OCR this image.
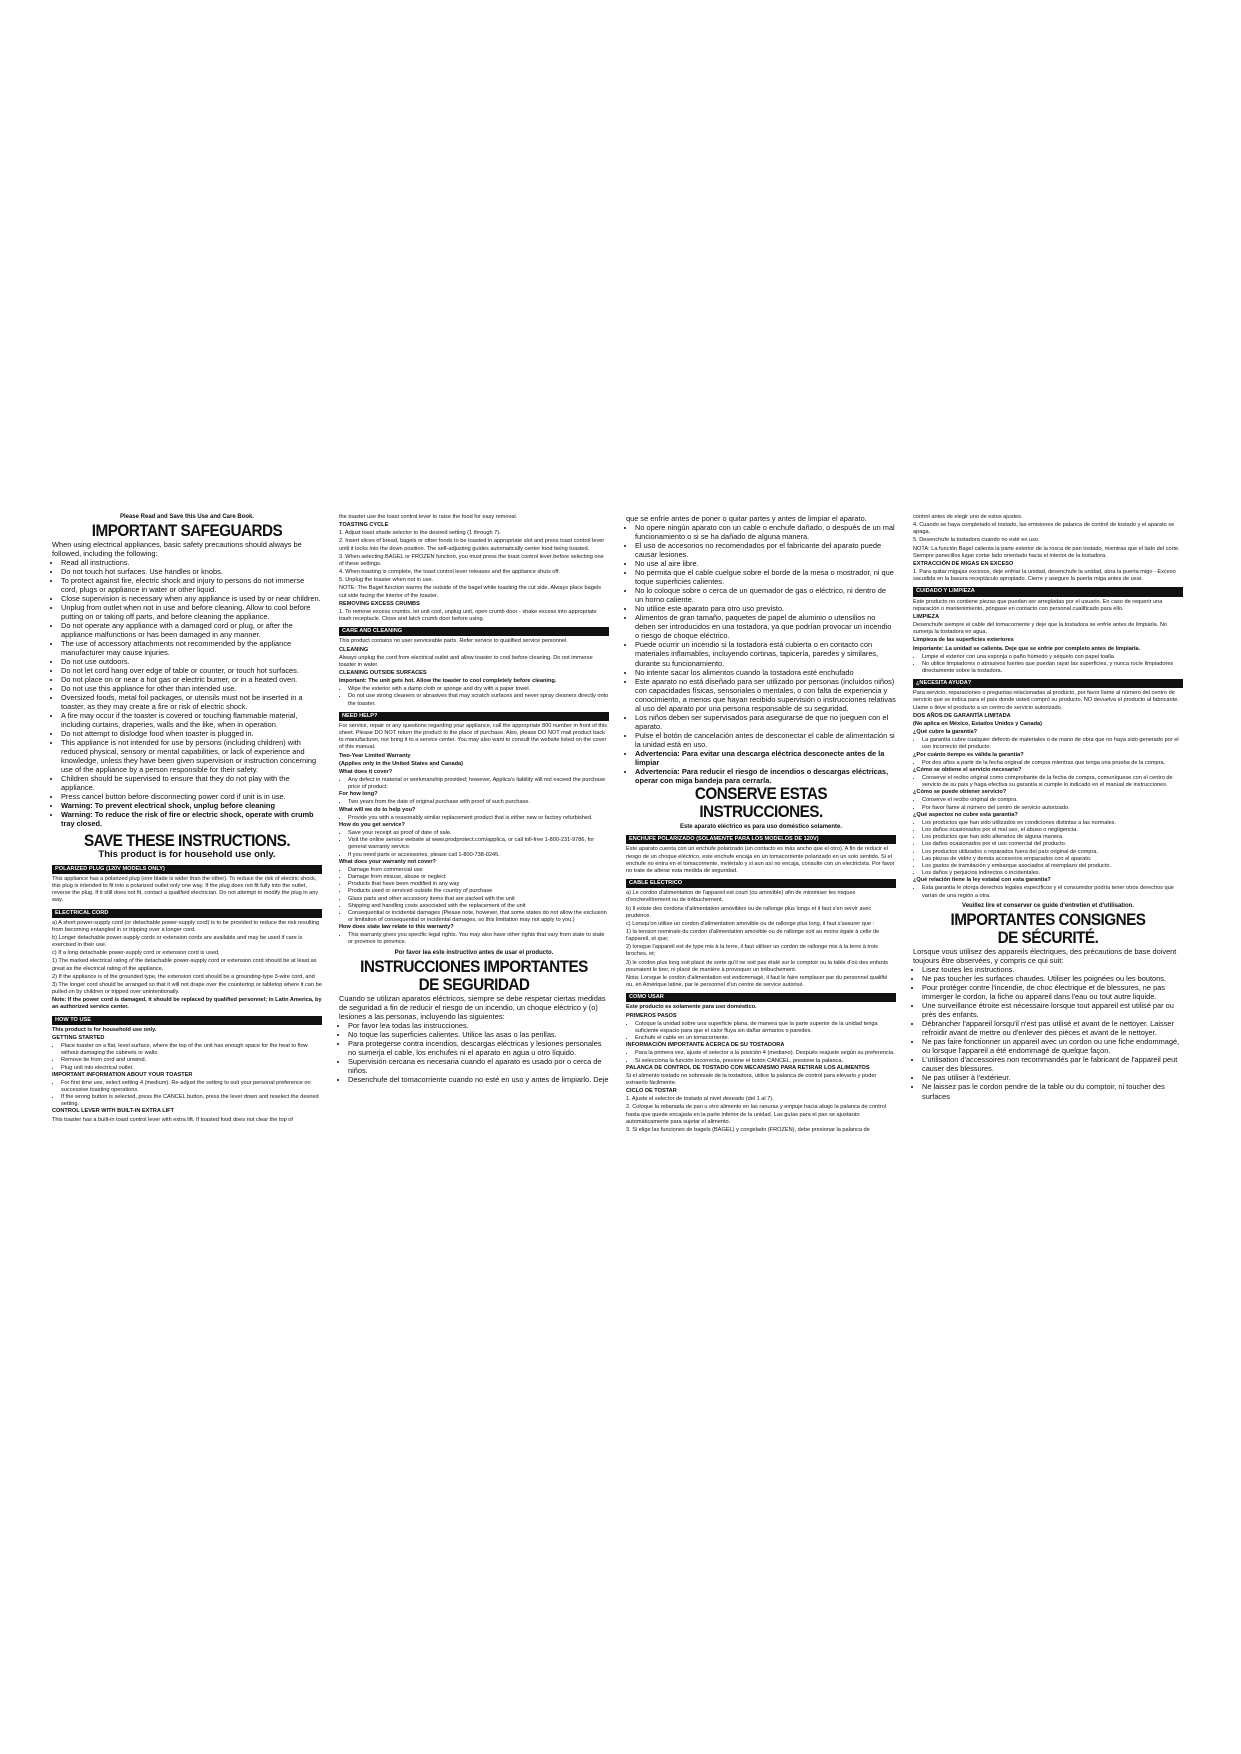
Please Read and Save this Use and Care Book.
IMPORTANT SAFEGUARDS
When using electrical appliances, basic safety precautions should always be followed, including the following:
• Read all instructions.
• Do not touch hot surfaces. Use handles or knobs.
• To protect against fire, electric shock and injury to persons do not immerse cord, plugs or appliance in water or other liquid.
• Close supervision is necessary when any appliance is used by or near children.
• Unplug from outlet when not in use and before cleaning. Allow to cool before putting on or taking off parts, and before cleaning the appliance.
• Do not operate any appliance with a damaged cord or plug, or after the appliance malfunctions or has been damaged in any manner.
• The use of accessory attachments not recommended by the appliance manufacturer may cause injuries.
• Do not use outdoors.
• Do not let cord hang over edge of table or counter, or touch hot surfaces.
• Do not place on or near a hot gas or electric burner, or in a heated oven.
• Do not use this appliance for other than intended use.
• Oversized foods, metal foil packages, or utensils must not be inserted in a toaster, as they may create a fire or risk of electric shock.
• A fire may occur if the toaster is covered or touching flammable material, including curtains, draperies, walls and the like, when in operation.
• Do not attempt to dislodge food when toaster is plugged in.
• This appliance is not intended for use by persons (including children) with reduced physical, sensory or mental capabilities, or lack of experience and knowledge, unless they have been given supervision or instruction concerning use of the appliance by a person responsible for their safety.
• Children should be supervised to ensure that they do not play with the appliance.
• Press cancel button before disconnecting power cord if unit is in use.
• Warning: To prevent electrical shock, unplug before cleaning
• Warning: To reduce the risk of fire or electric shock, operate with crumb tray closed.
SAVE THESE INSTRUCTIONS.
This product is for household use only.
POLARIZED PLUG (120V MODELS ONLY)
This appliance has a polarized plug (one blade is wider than the other). To reduce the risk of electric shock, this plug is intended to fit into a polarized outlet only one way. If the plug does not fit fully into the outlet, reverse the plug. If it still does not fit, contact a qualified electrician. Do not attempt to modify the plug in any way.
ELECTRICAL CORD
a) A short power-supply cord (or detachable power-supply cord) is to be provided to reduce the risk resulting from becoming entangled in or tripping over a longer cord.
b) Longer detachable power-supply cords or extension cords are available and may be used if care is exercised in their use.
c) If a long detachable power-supply cord or extension cord is used,
1) The marked electrical rating of the detachable power-supply cord or extension cord should be at least as great as the electrical rating of the appliance,
2) If the appliance is of the grounded type, the extension cord should be a grounding-type 3-wire cord, and
3) The longer cord should be arranged so that it will not drape over the countertop or tabletop where it can be pulled on by children or tripped over unintentionally.
Note: If the power cord is damaged, it should be replaced by qualified personnel; in Latin America, by an authorized service center.
HOW TO USE
This product is for household use only.
GETTING STARTED
• Place toaster on a flat, level surface, where the top of the unit has enough space for the heat to flow without damaging the cabinets or walls.
• Remove tie from cord and unwind.
• Plug unit into electrical outlet.
IMPORTANT INFORMATION ABOUT YOUR TOASTER
• For first time use, select setting 4 (medium). Re-adjust the setting to suit your personal preference on successive toasting operations.
• If the wrong button is selected, press the CANCEL button, press the lever down and reselect the desired setting.
CONTROL LEVER WITH BUILT-IN EXTRA LIFT
This toaster has a built-in toast control lever with extra lift. If toasted food does not clear the top of
the toaster use the toast control lever to raise the food for easy removal.
TOASTING CYCLE
1. Adjust toast shade selector to the desired setting (1 through 7).
2. Insert slices of bread, bagels or other foods to be toasted in appropriate slot and press toast control lever until it locks into the down position. The self-adjusting guides automatically center food being toasted.
3. When selecting BAGEL or FROZEN function, you must press the toast control lever before selecting one of these settings.
4. When toasting is complete, the toast control lever releases and the appliance shuts off.
5. Unplug the toaster when not in use.
NOTE: The Bagel function warms the outside of the bagel while toasting the cut side. Always place bagels cut side facing the interior of the toaster.
REMOVING EXCESS CRUMBS
1. To remove excess crumbs, let unit cool, unplug unit, open crumb door - shake excess into appropriate trash receptacle. Close and latch crumb door before using.
CARE AND CLEANING
This product contains no user serviceable parts. Refer service to qualified service personnel.
CLEANING
Always unplug the cord from electrical outlet and allow toaster to cool before cleaning. Do not immerse toaster in water.
CLEANING OUTSIDE SURFACES
Important: The unit gets hot. Allow the toaster to cool completely before cleaning.
• Wipe the exterior with a damp cloth or sponge and dry with a paper towel.
• Do not use strong cleaners or abrasives that may scratch surfaces and never spray cleaners directly onto the toaster.
NEED HELP?
For service, repair or any questions regarding your appliance, call the appropriate 800 number in front of this sheet. Please DO NOT return the product to the place of purchase. Also, please DO NOT mail product back to manufacturer, nor bring it to a service center. You may also want to consult the website listed on the cover of this manual.
Two-Year Limited Warranty
(Applies only in the United States and Canada)
What does it cover?
• Any defect in material or workmanship provided; however, Applica's liability will not exceed the purchase price of product.
For how long?
• Two years from the date of original purchase with proof of such purchase.
What will we do to help you?
• Provide you with a reasonably similar replacement product that is either new or factory refurbished.
How do you get service?
• Save your receipt as proof of date of sale.
• Visit the online service website at www.prodprotect.com/applica, or call toll-free 1-800-231-9786, for general warranty service.
• If you need parts or accessories, please call 1-800-738-0245.
What does your warranty not cover?
• Damage from commercial use
• Damage from misuse, abuse or neglect
• Products that have been modified in any way
• Products used or serviced outside the country of purchase
• Glass parts and other accessory items that are packed with the unit
• Shipping and handling costs associated with the replacement of the unit
• Consequential or incidental damages (Please note, however, that some states do not allow the exclusion or limitation of consequential or incidental damages, so this limitation may not apply to you.)
How does state law relate to this warranty?
• This warranty gives you specific legal rights. You may also have other rights that vary from state to state or province to province.
Por favor lea este instructivo antes de usar el producto.
INSTRUCCIONES IMPORTANTES
DE SEGURIDAD
Cuando se utilizan aparatos eléctricos, siempre se debe respetar ciertas medidas de seguridad a fin de reducir el riesgo de un incendio, un choque eléctrico y (o) lesiones a las personas, incluyendo las siguientes:
• Por favor lea todas las instrucciones.
• No toque las superficies calientes. Utilice las asas o las perillas.
• Para protegerse contra incendios, descargas eléctricas y lesiones personales no sumerja el cable, los enchufes ni el aparato en agua u otro líquido.
• Supervisión cercana es necesaria cuando el aparato es usado por o cerca de niños.
• Desenchufe del tomacorriente cuando no esté en uso y antes de limpiarlo. Deje
que se enfríe antes de poner o quitar partes y antes de limpiar el aparato.
• No opere ningún aparato con un cable o enchufe dañado, o después de un mal funcionamiento o si se ha dañado de alguna manera.
• El uso de accesorios no recomendados por el fabricante del aparato puede causar lesiones.
• No use al aire libre.
• No permita que el cable cuelgue sobre el borde de la mesa o mostrador, ni que toque superficies calientes.
• No lo coloque sobre o cerca de un quemador de gas o eléctrico, ni dentro de un horno caliente.
• No utilice este aparato para otro uso previsto.
• Alimentos de gran tamaño, paquetes de papel de aluminio o utensilios no deben ser introducidos en una tostadora, ya que podrían provocar un incendio o riesgo de choque eléctrico.
• Puede ocurrir un incendio si la tostadora está cubierta o en contacto con materiales inflamables, incluyendo cortinas, tapicería, paredes y similares, durante su funcionamiento.
• No intente sacar los alimentos cuando la tostadora esté enchufado
• Este aparato no está diseñado para ser utilizado por personas (incluidos niños) con capacidades físicas, sensoriales o mentales, o con falta de experiencia y conocimiento, a menos que hayan recibido supervisión o instrucciones relativas al uso del aparato por una persona responsable de su seguridad.
• Los niños deben ser supervisados para asegurarse de que no jueguen con el aparato.
• Pulse el botón de cancelación antes de desconectar el cable de alimentación si la unidad está en uso.
• Advertencia: Para evitar una descarga eléctrica desconecte antes de la limpiar
• Advertencia: Para reducir el riesgo de incendios o descargas eléctricas, operar con miga bandeja para cerrarla.
CONSERVE ESTAS INSTRUCCIONES.
Este aparato eléctrico es para uso doméstico solamente.
ENCHUFE POLARIZADO (SOLAMENTE PARA LOS MODELOS DE 120V)
Este aparato cuenta con un enchufe polarizado (un contacto es más ancho que el otro). A fin de reducir el riesgo de un choque eléctrico, este enchufe encaja en un tomacorriente polarizado en un solo sentido. Si el enchufe no entra en el tomacorriente, inviértalo y si aun así no encaja, consulte con un electricista. Por favor no trate de alterar esta medida de seguridad.
CABLE ELÉCTRICO
a) Le cordon d'alimentation de l'appareil est court (ou amovible) afin de minimiser les risques d'enchevêtrement ou de trébuchement.
b) Il existe des cordons d'alimentation amovibles ou de rallonge plus longs et il faut s'en servir avec prudence.
c) Lorsqu'on utilise un cordon d'alimentation amovible ou de rallonge plus long, il faut s'assurer que :
1) la tension nominale du cordon d'alimentation amovible ou de rallonge soit au moins égale à celle de l'appareil, et que;
2) lorsque l'appareil est de type mis à la terre, il faut utiliser un cordon de rallonge mis à la terre à trois broches, et;
3) le cordon plus long soit placé de sorte qu'il ne soit pas étalé sur le comptoir ou la table d'où des enfants pourraient le tirer, ni placé de manière à provoquer un trébuchement.
Nota: Lorsque le cordon d'alimentation est endommagé, il faut le faire remplacer par du personnel qualifié ou, en Amérique latine, par le personnel d'un centre de service autorisé.
COMO USAR
Este producto es solamente para uso doméstico.
PRIMEROS PASOS
• Coloque la unidad sobre una superficie plana, de manera que la parte superior de la unidad tenga suficiente espacio para que el calor fluya sin dañar armarios o paredes.
• Enchufe el cable en un tomacorriente.
INFORMACIÓN IMPORTANTE ACERCA DE SU TOSTADORA
• Para la primera vez, ajuste el selector a la posición 4 (mediano). Después reajuste según su preferencia.
• Si selecciona la función incorrecta, presione el botón CANCEL, presione la palanca.
PALANCA DE CONTROL DE TOSTADO CON MECANISMO PARA RETIRAR LOS ALIMENTOS
Si el alimento tostado no sobresale de la tostadora, utilice la palanca de control para elevarlo y poder extraerlo fácilmente.
CICLO DE TOSTAR
1. Ajuste el selector de tostado al nivel deseado (del 1 al 7).
2. Coloque la rebanada de pan u otro alimento en las ranuras y empuje hacia abajo la palanca de control hasta que quede encajada en la parte inferior de la unidad. Las guías para el pan se ajustarán automáticamente para sujetar el alimento.
3. Si elige las funciones de bagels (BAGEL) y congelado (FROZEN), debe presionar la palanca de
control antes de elegir uno de estos ajustes.
4. Cuando se haya completado el tostado, las emisiones de palanca de control de tostado y el aparato se apaga.
5. Desenchufe la tostadora cuando no esté en uso.
NOTA: La función Bagel calienta la parte exterior de la rosca de pan tostado, mientras que el lado del corte. Siempre panecillos lugar cortar lado orientado hacia el interior de la tostadora.
EXTRACCIÓN DE MIGAS EN EXCESO
1. Para quitar migajas excesos, deje enfriar la unidad, desenchufe la unidad, abra la puerta migo - Exceso sacudida en la basura receptáculo apropiado. Cierre y asegure la puerta miga antes de usar.
CUIDADO Y LIMPIEZA
Este producto no contiene piezas que puedan ser arregladas por el usuario. En caso de requerir una reparación o mantenimiento, póngase en contacto con personal cualificado para ello.
LIMPIEZA
Desenchufe siempre el cable del tomacorriente y deje que la tostadora se enfríe antes de limpiarla. No sumerja la tostadora en agua.
Limpieza de las superficies exteriores
Importante: La unidad se calienta. Deje que se enfríe por completo antes de limpiarla.
• Limpie el exterior con una esponja o paño húmedo y séquelo con papel toalla.
• No utilice limpiadores o abrasivos fuertes que puedan rayar las superficies, y nunca rocíe limpiadores directamente sobre la tostadora.
¿NECESITA AYUDA?
Para servicio, reparaciones o preguntas relacionadas al producto, por favor llame al número del centro de servicio que se indica para el país donde usted compró su producto. NO devuelva el producto al fabricante. Llame o lleve el producto a un centro de servicio autorizado.
DOS AÑOS DE GARANTÍA LIMITADA
(No aplica en México, Estados Unidos y Canada)
¿Qué cubre la garantía?
• La garantía cubre cualquier defecto de materiales o de mano de obra que no haya sido generado por el uso incorrecto del producto.
¿Por cuánto tiempo es válida la garantía?
• Por dos años a partir de la fecha original de compra mientras que tenga una prueba de la compra.
¿Cómo se obtiene el servicio necesario?
• Conserve el recibo original como comprobante de la fecha de compra, comuníquese con el centro de servicio de su país y haga efectiva su garantía si cumple lo indicado en el manual de instrucciones.
¿Cómo se puede obtener servicio?
• Conserve el recibo original de compra.
• Por favor llame al número del centro de servicio autorizado.
¿Qué aspectos no cubre esta garantía?
• Los productos que han sido utilizados en condiciones distintas a las normales.
• Los daños ocasionados por el mal uso, el abuso o negligencia.
• Los productos que han sido alterados de alguna manera.
• Los daños ocasionados por el uso comercial del producto.
• Los productos utilizados o reparados fuera del país original de compra.
• Las piezas de vidrio y demás accesorios empacados con el aparato.
• Los gastos de tramitación y embarque asociados al reemplazo del producto.
• Los daños y perjuicios indirectos o incidentales.
¿Qué relación tiene la ley estatal con esta garantía?
• Esta garantía le otorga derechos legales específicos y el consumidor podría tener otros derechos que varían de una región a otra.
Veuillez lire et conserver ce guide d'entretien et d'utilisation.
IMPORTANTES CONSIGNES
DE SÉCURITÉ.
Lorsque vous utilisez des appareils électriques, des précautions de base doivent toujours être observées, y compris ce qui suit:
• Lisez toutes les instructions.
• Ne pas toucher les surfaces chaudes. Utiliser les poignées ou les boutons.
• Pour protéger contre l'incendie, de choc électrique et de blessures, ne pas immerger le cordon, la fiche ou appareil dans l'eau ou tout autre liquide.
• Une surveillance étroite est nécessaire lorsque tout appareil est utilisé par ou près des enfants.
• Débrancher l'appareil lorsqu'il n'est pas utilisé et avant de le nettoyer. Laisser refroidir avant de mettre ou d'enlever des pièces et avant de le nettoyer.
• Ne pas faire fonctionner un appareil avec un cordon ou une fiche endommagé, ou lorsque l'appareil a été endommagé de quelque façon.
• L'utilisation d'accessoires non recommandés par le fabricant de l'appareil peut causer des blessures.
• Ne pas utiliser à l'extérieur.
• Ne laissez pas le cordon pendre de la table ou du comptoir, ni toucher des surfaces
